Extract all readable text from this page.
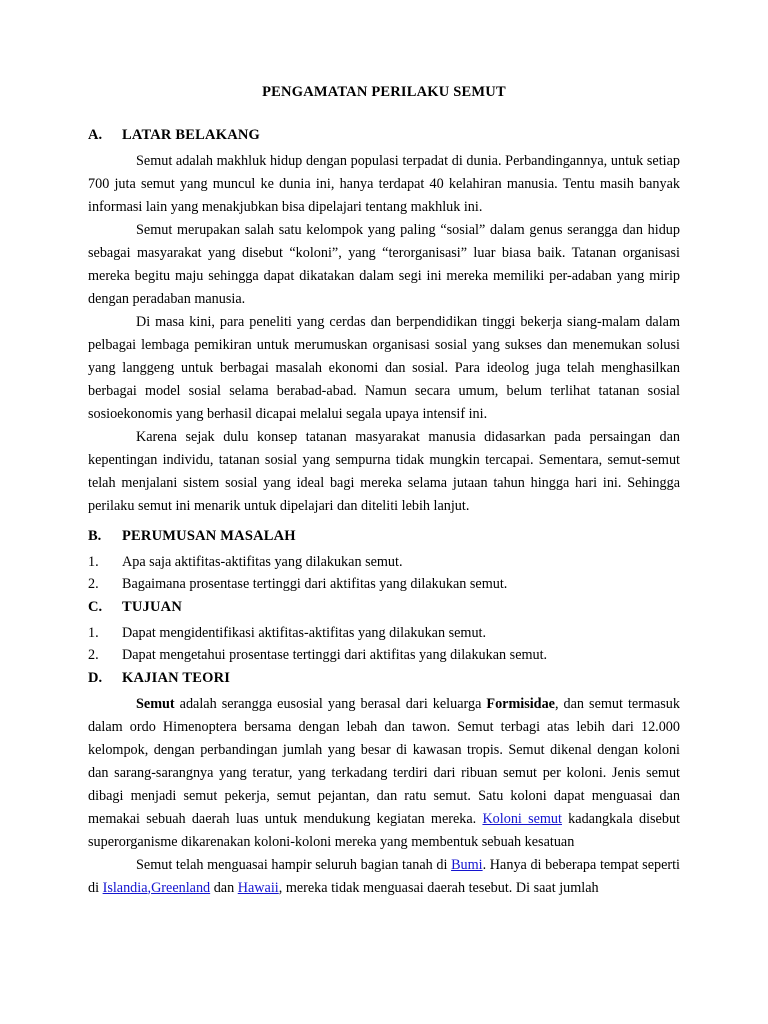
PENGAMATAN PERILAKU SEMUT
A.	LATAR BELAKANG

Semut adalah makhluk hidup dengan populasi terpadat di dunia. Perbandingannya, untuk setiap 700 juta semut yang muncul ke dunia ini, hanya terdapat 40 kelahiran manusia. Tentu masih banyak informasi lain yang menakjubkan bisa dipelajari tentang makhluk ini.

Semut merupakan salah satu kelompok yang paling “sosial” dalam genus serangga dan hidup sebagai masyarakat yang disebut “koloni”, yang “terorganisasi” luar biasa baik. Tatanan organisasi mereka begitu maju sehingga dapat dikatakan dalam segi ini mereka memiliki per-adaban yang mirip dengan peradaban manusia.

Di masa kini, para peneliti yang cerdas dan berpendidikan tinggi bekerja siang-malam dalam pelbagai lembaga pemikiran untuk merumuskan organisasi sosial yang sukses dan menemukan solusi yang langgeng untuk berbagai masalah ekonomi dan sosial. Para ideolog juga telah menghasilkan berbagai model sosial selama berabad-abad. Namun secara umum, belum terlihat tatanan sosial sosioekonomis yang berhasil dicapai melalui segala upaya intensif ini.

Karena sejak dulu konsep tatanan masyarakat manusia didasarkan pada persaingan dan kepentingan individu, tatanan sosial yang sempurna tidak mungkin tercapai. Sementara, semut-semut telah menjalani sistem sosial yang ideal bagi mereka selama jutaan tahun hingga hari ini. Sehingga perilaku semut ini menarik untuk dipelajari dan diteliti lebih lanjut.

B.	PERUMUSAN MASALAH
1.	Apa saja aktifitas-aktifitas yang dilakukan semut.
2.	Bagaimana prosentase tertinggi dari aktifitas yang dilakukan semut.
C.	TUJUAN
1.	Dapat mengidentifikasi aktifitas-aktifitas yang dilakukan semut.
2.	Dapat mengetahui prosentase tertinggi dari aktifitas yang dilakukan semut.
D.	KAJIAN TEORI

Semut adalah serangga eusosial yang berasal dari keluarga Formisidae, dan semut termasuk dalam ordo Himenoptera bersama dengan lebah dan tawon. Semut terbagi atas lebih dari 12.000 kelompok, dengan perbandingan jumlah yang besar di kawasan tropis. Semut dikenal dengan koloni dan sarang-sarangnya yang teratur, yang terkadang terdiri dari ribuan semut per koloni. Jenis semut dibagi menjadi semut pekerja, semut pejantan, dan ratu semut. Satu koloni dapat menguasai dan memakai sebuah daerah luas untuk mendukung kegiatan mereka. Koloni semut kadangkala disebut superorganisme dikarenakan koloni-koloni mereka yang membentuk sebuah kesatuan

Semut telah menguasai hampir seluruh bagian tanah di Bumi. Hanya di beberapa tempat seperti di Islandia,Greenland dan Hawaii, mereka tidak menguasai daerah tesebut. Di saat jumlah
